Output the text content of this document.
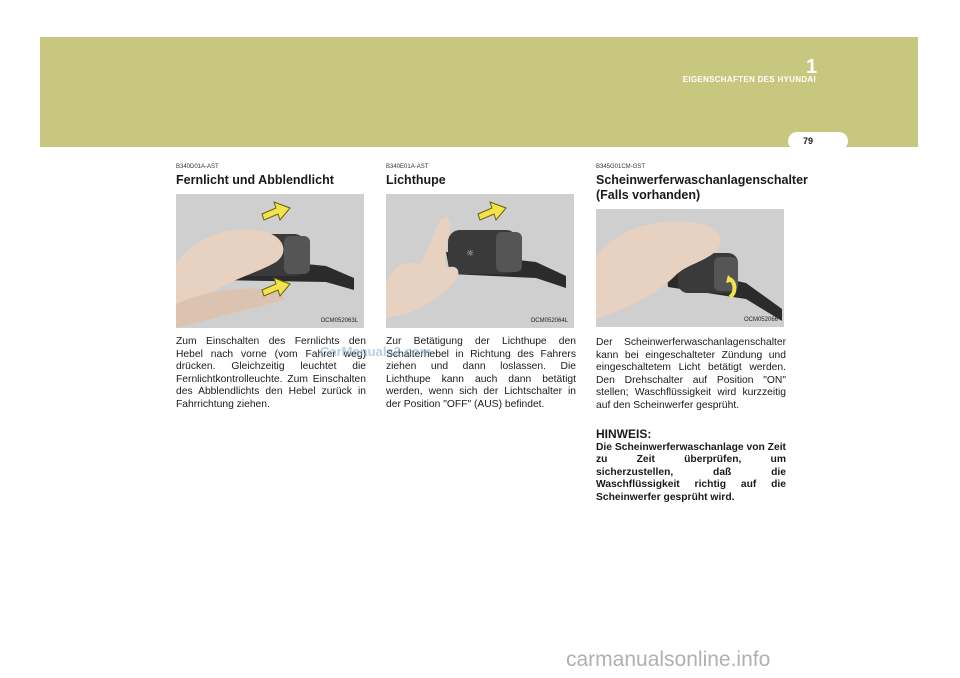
EIGENSCHAFTEN DES HYUNDAI
1
79

B340D01A-AST

Fernlicht und Abblendlicht

OCM052063L

Zum Einschalten des Fernlichts den Hebel nach vorne (vom Fahrer weg) drücken. Gleichzeitig leuchtet die Fernlichtkontrolleuchte. Zum Einschalten des Abblendlichts den Hebel zurück in Fahrrichtung ziehen.

B340E01A-AST

Lichthupe

☼
OCM052064L

Zur Betätigung der Lichthupe den Schalterhebel in Richtung des Fahrers ziehen und dann loslassen. Die Lichthupe kann auch dann betätigt werden, wenn sich der Lichtschalter in der Position "OFF" (AUS) befindet.

B345G01CM-GST

Scheinwerferwaschanlagenschalter

(Falls vorhanden)

OCM052066

Der Scheinwerferwaschanlagenschalter kann bei eingeschalteter Zündung und eingeschaltetem Licht betätigt werden. Den Drehschalter auf Position "ON" stellen; Waschflüssigkeit wird kurzzeitig auf den Scheinwerfer gesprüht.

HINWEIS:

Die Scheinwerferwaschanlage von Zeit zu Zeit überprüfen, um sicherzustellen, daß die Waschflüssigkeit richtig auf die Scheinwerfer gesprüht wird.

CarManuals2.com
carmanualsonline.info
